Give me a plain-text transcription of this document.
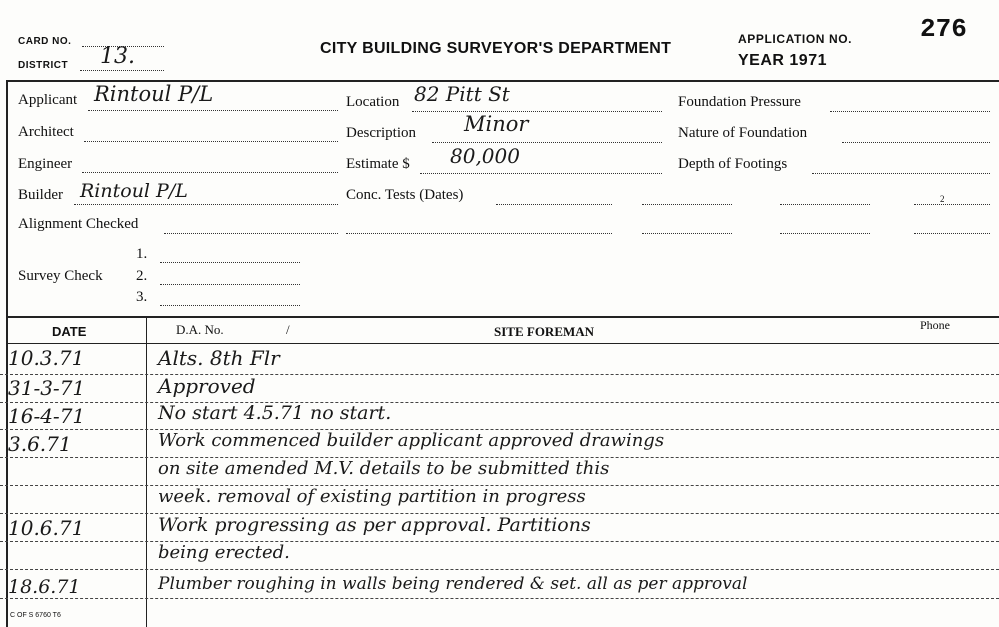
CARD NO.
DISTRICT 13.	CITY BUILDING SURVEYOR'S DEPARTMENT
APPLICATION NO.
YEAR 1971
276
Applicant Rintoul P/L
Architect
Engineer
Builder Rintoul P/L
Alignment Checked
Survey Check
1.
2.
3.
Location 82 Pitt St
Description Minor
Estimate $ 80,000
Conc. Tests (Dates)
Foundation Pressure
Nature of Foundation
Depth of Footings
2
DATE	D.A. No.	/	SITE FOREMAN	Phone
10.3.71	Alts. 8th Flr
31-3-71	Approved
16-4-71	No start 4.5.71 no start.
3.6.71	Work commenced builder applicant approved drawings
on site amended M.V. details to be submitted this
week. removal of existing partition in progress
10.6.71	Work progressing as per approval. Partitions
being erected.
18.6.71	Plumber roughing in walls being rendered & set. all as per approval
C OF S 6760 T6
